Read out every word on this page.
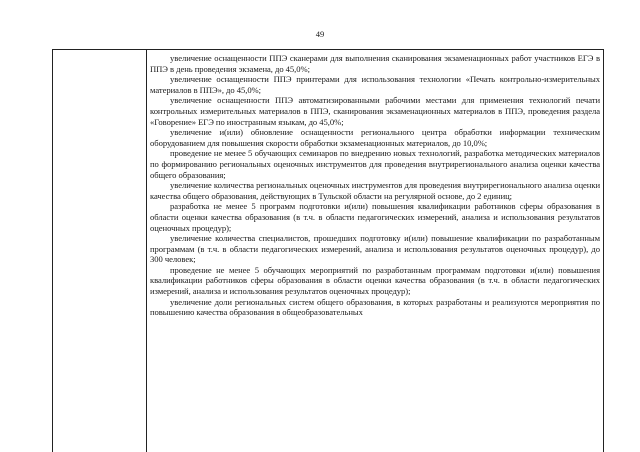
49

увеличение оснащенности ППЭ сканерами для выполнения сканирования экзаменационных работ участников ЕГЭ в ППЭ в день проведения экзамена, до 45,0%;

увеличение оснащенности ППЭ принтерами для использования технологии «Печать контрольно-измерительных материалов в ППЭ», до 45,0%;

увеличение оснащенности ППЭ автоматизированными рабочими местами для применения технологий печати контрольных измерительных материалов в ППЭ, сканирования экзаменационных материалов в ППЭ, проведения раздела «Говорение» ЕГЭ по иностранным языкам, до 45,0%;

увеличение и(или) обновление оснащенности регионального центра обработки информации техническим оборудованием для повышения скорости обработки экзаменационных материалов, до 10,0%;

проведение не менее 5 обучающих семинаров по внедрению новых технологий, разработка методических материалов по формированию региональных оценочных инструментов для проведения внутрирегионального анализа оценки качества общего образования;

увеличение количества региональных оценочных инструментов для проведения внутрирегионального анализа оценки качества общего образования, действующих в Тульской области на регулярной основе, до 2 единиц;

разработка не менее 5 программ подготовки и(или) повышения квалификации работников сферы образования в области оценки качества образования (в т.ч. в области педагогических измерений, анализа и использования результатов оценочных процедур);

увеличение количества специалистов, прошедших подготовку и(или) повышение квалификации по разработанным программам (в т.ч. в области педагогических измерений, анализа и использования результатов оценочных процедур), до 300 человек;

проведение не менее 5 обучающих мероприятий по разработанным программам подготовки и(или) повышения квалификации работников сферы образования в области оценки качества образования (в т.ч. в области педагогических измерений, анализа и использования результатов оценочных процедур);

увеличение доли региональных систем общего образования, в которых разработаны и реализуются мероприятия по повышению качества образования в общеобразовательных
